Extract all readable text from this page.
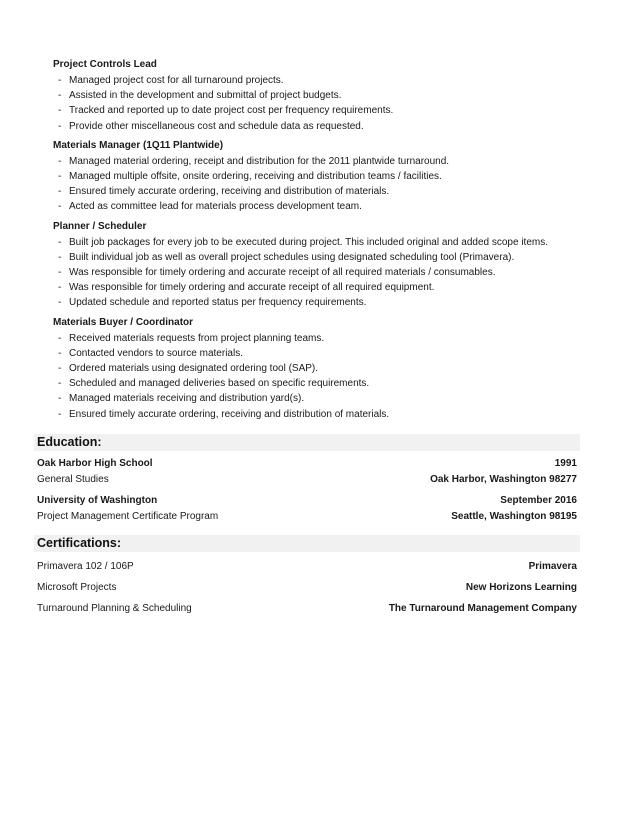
Project Controls Lead
- Managed project cost for all turnaround projects.
- Assisted in the development and submittal of project budgets.
- Tracked and reported up to date project cost per frequency requirements.
- Provide other miscellaneous cost and schedule data as requested.
Materials Manager (1Q11 Plantwide)
- Managed material ordering, receipt and distribution for the 2011 plantwide turnaround.
- Managed multiple offsite, onsite ordering, receiving and distribution teams / facilities.
- Ensured timely accurate ordering, receiving and distribution of materials.
- Acted as committee lead for materials process development team.
Planner / Scheduler
- Built job packages for every job to be executed during project. This included original and added scope items.
- Built individual job as well as overall project schedules using designated scheduling tool (Primavera).
- Was responsible for timely ordering and accurate receipt of all required materials / consumables.
- Was responsible for timely ordering and accurate receipt of all required equipment.
- Updated schedule and reported status per frequency requirements.
Materials Buyer / Coordinator
- Received materials requests from project planning teams.
- Contacted vendors to source materials.
- Ordered materials using designated ordering tool (SAP).
- Scheduled and managed deliveries based on specific requirements.
- Managed materials receiving and distribution yard(s).
- Ensured timely accurate ordering, receiving and distribution of materials.
Education:
Oak Harbor High School	1991
General Studies	Oak Harbor, Washington 98277
University of Washington	September 2016
Project Management Certificate Program	Seattle, Washington 98195
Certifications:
Primavera 102 / 106P	Primavera
Microsoft Projects	New Horizons Learning
Turnaround Planning & Scheduling	The Turnaround Management Company
